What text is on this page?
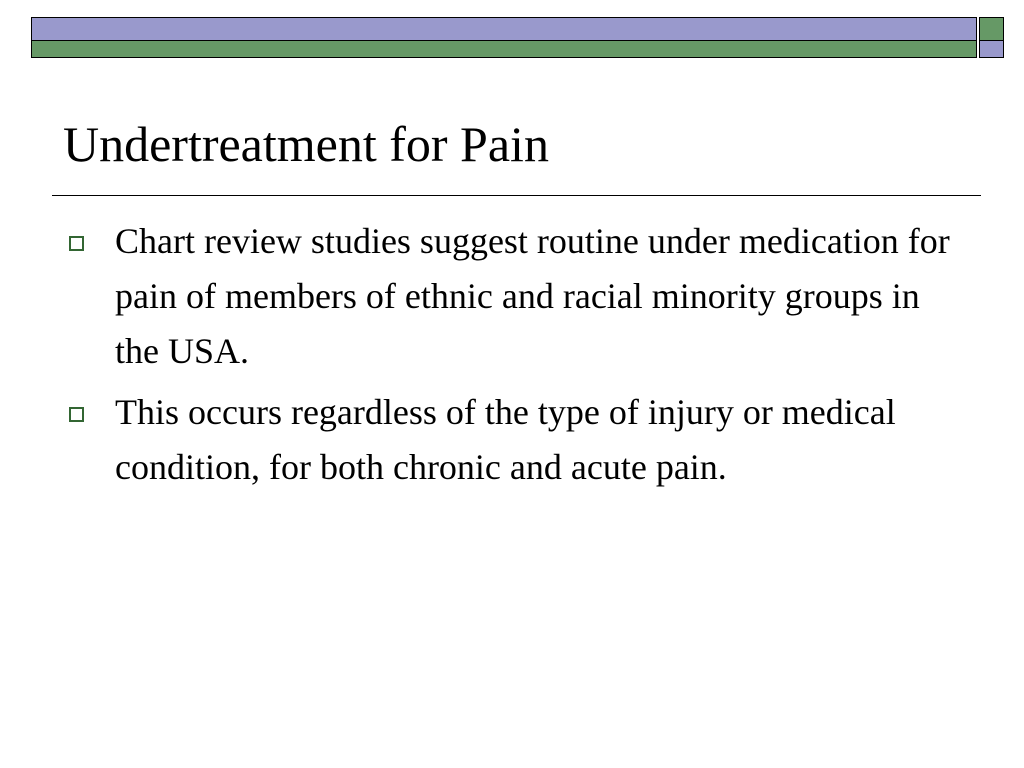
Undertreatment for Pain
Chart review studies suggest routine under medication for pain of members of ethnic and racial minority groups in the USA.
This occurs regardless of the type of injury or medical condition, for both chronic and acute pain.
